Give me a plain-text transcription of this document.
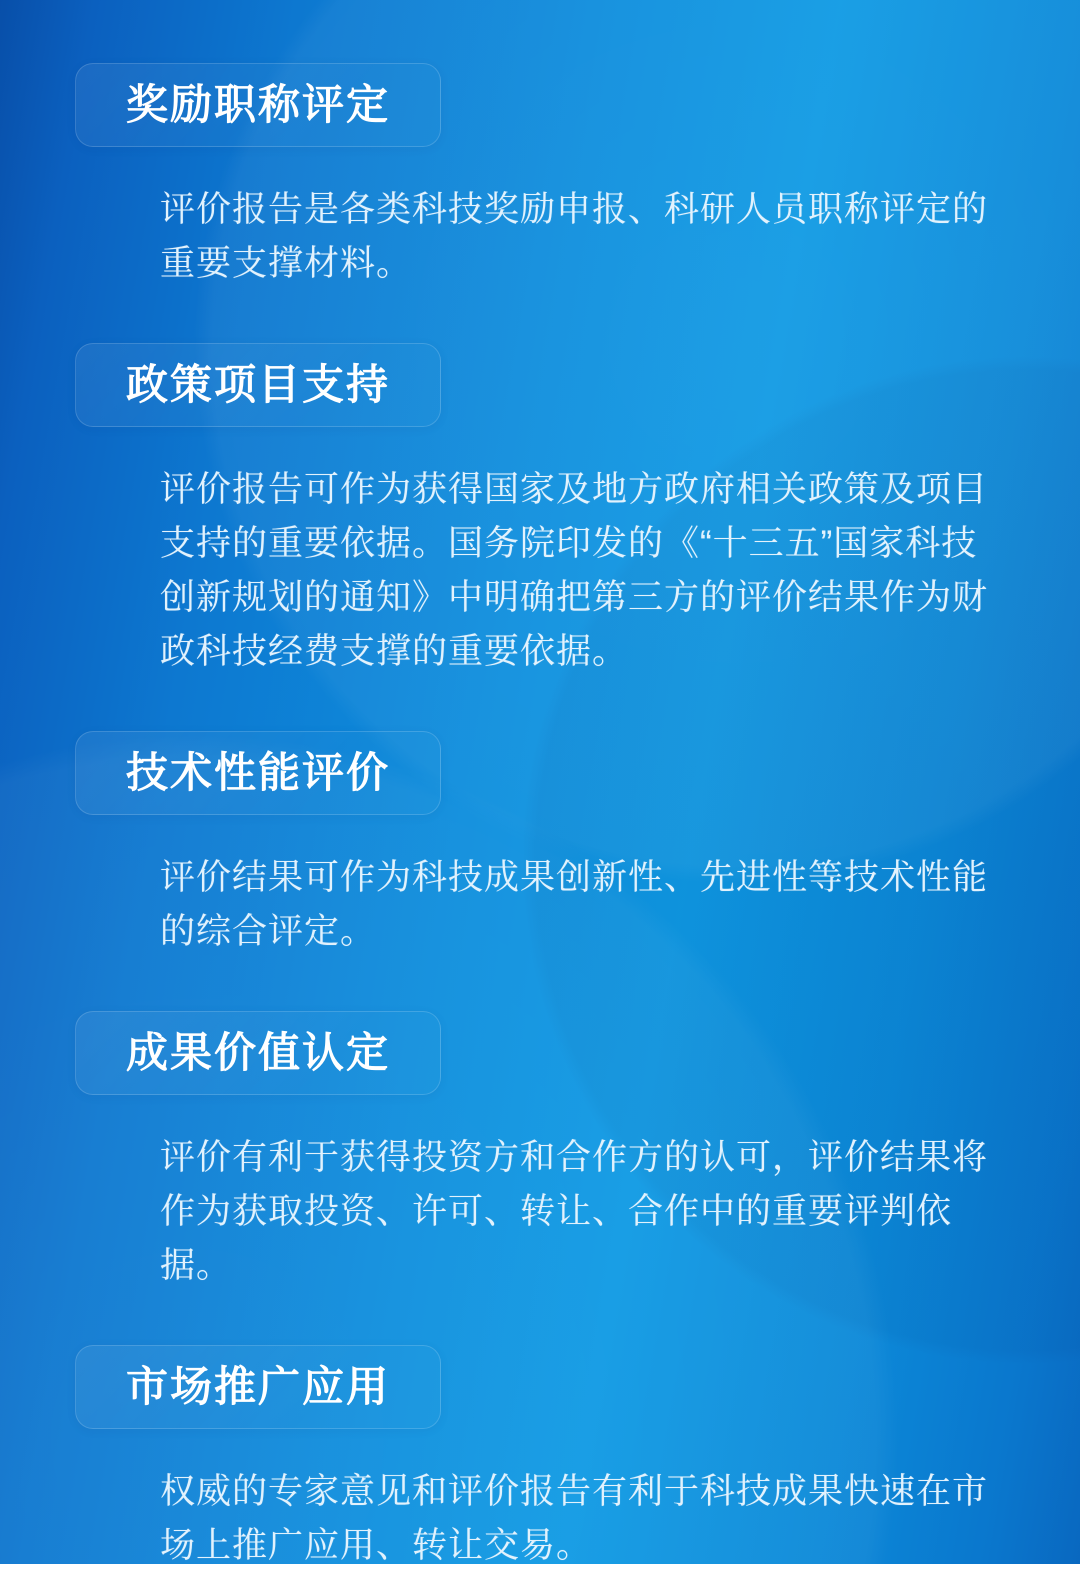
奖励职称评定

评价报告是各类科技奖励申报、科研人员职称评定的重要支撑材料。

政策项目支持

评价报告可作为获得国家及地方政府相关政策及项目支持的重要依据。国务院印发的《“十三五”国家科技创新规划的通知》中明确把第三方的评价结果作为财政科技经费支撑的重要依据。

技术性能评价

评价结果可作为科技成果创新性、先进性等技术性能的综合评定。

成果价值认定

评价有利于获得投资方和合作方的认可，评价结果将作为获取投资、许可、转让、合作中的重要评判依据。

市场推广应用

权威的专家意见和评价报告有利于科技成果快速在市场上推广应用、转让交易。
